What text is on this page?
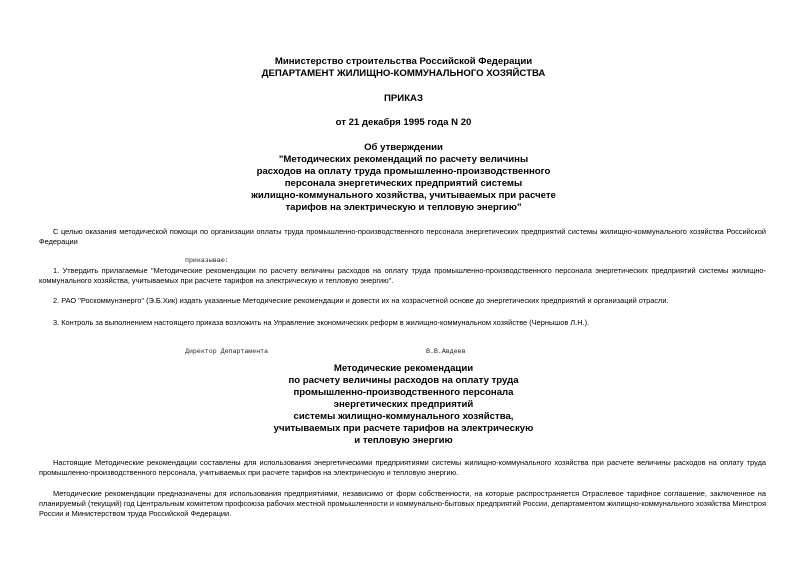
Министерство строительства Российской Федерации
ДЕПАРТАМЕНТ ЖИЛИЩНО-КОММУНАЛЬНОГО ХОЗЯЙСТВА
ПРИКАЗ
от 21 декабря 1995 года N 20
Об утверждении
"Методических рекомендаций по расчету величины
расходов на оплату труда промышленно-производственного
персонала энергетических предприятий системы
жилищно-коммунального хозяйства, учитываемых при расчете
тарифов на электрическую и тепловую энергию"
С целью оказания методической помощи по организации оплаты труда промышленно-производственного персонала энергетических предприятий системы жилищно-коммунального хозяйства Российской Федерации
приказываю:
1. Утвердить прилагаемые "Методические рекомендации по расчету величины расходов на оплату труда промышленно-производственного персонала энергетических предприятий системы жилищно-коммунального хозяйства, учитываемых при расчете тарифов на электрическую и тепловую энергию".
2. РАО "Роскоммунэнерго" (Э.Б.Хик) издать указанные Методические рекомендации и довести их на хозрасчетной основе до энергетических предприятий и организаций отрасли.
3. Контроль за выполнением настоящего приказа возложить на Управление экономических реформ в жилищно-коммунальном хозяйстве (Чернышов Л.Н.).
Директор Департамента	В.В.Авдеев
Методические рекомендации
по расчету величины расходов на оплату труда
промышленно-производственного персонала
энергетических предприятий
системы жилищно-коммунального хозяйства,
учитываемых при расчете тарифов на электрическую
и тепловую энергию
Настоящие Методические рекомендации составлены для использования энергетическими предприятиями системы жилищно-коммунального хозяйства при расчете величины расходов на оплату труда промышленно-производственного персонала, учитываемых при расчете тарифов на электрическую и тепловую энергию.
Методические рекомендации предназначены для использования предприятиями, независимо от форм собственности, на которые распространяется Отраслевое тарифное соглашение, заключенное на планируемый (текущий) год Центральным комитетом профсоюза рабочих местной промышленности и коммунально-бытовых предприятий России, департаментом жилищно-коммунального хозяйства Минстроя России и Министерством труда Российской Федерации.
